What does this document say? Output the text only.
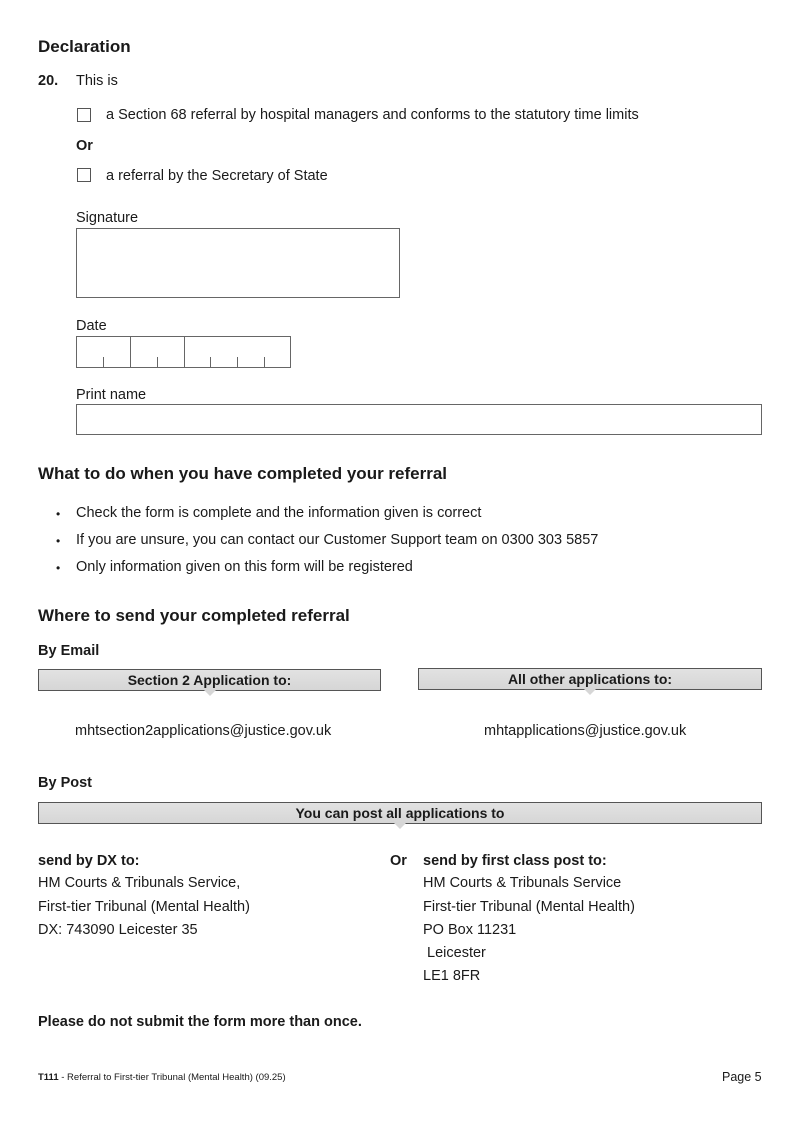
Declaration
20. This is
a Section 68 referral by hospital managers and conforms to the statutory time limits
Or
a referral by the Secretary of State
Signature
Date
Print name
What to do when you have completed your referral
• Check the form is complete and the information given is correct
• If you are unsure, you can contact our Customer Support team on 0300 303 5857
• Only information given on this form will be registered
Where to send your completed referral
By Email
Section 2 Application to:	All other applications to:
mhtsection2applications@justice.gov.uk	mhtapplications@justice.gov.uk
By Post
You can post all applications to
send by DX to:
HM Courts & Tribunals Service,
First-tier Tribunal (Mental Health)
DX: 743090 Leicester 35
Or send by first class post to:
HM Courts & Tribunals Service
First-tier Tribunal (Mental Health)
PO Box 11231
Leicester
LE1 8FR
Please do not submit the form more than once.
T111 - Referral to First-tier Tribunal (Mental Health) (09.25)	Page 5
